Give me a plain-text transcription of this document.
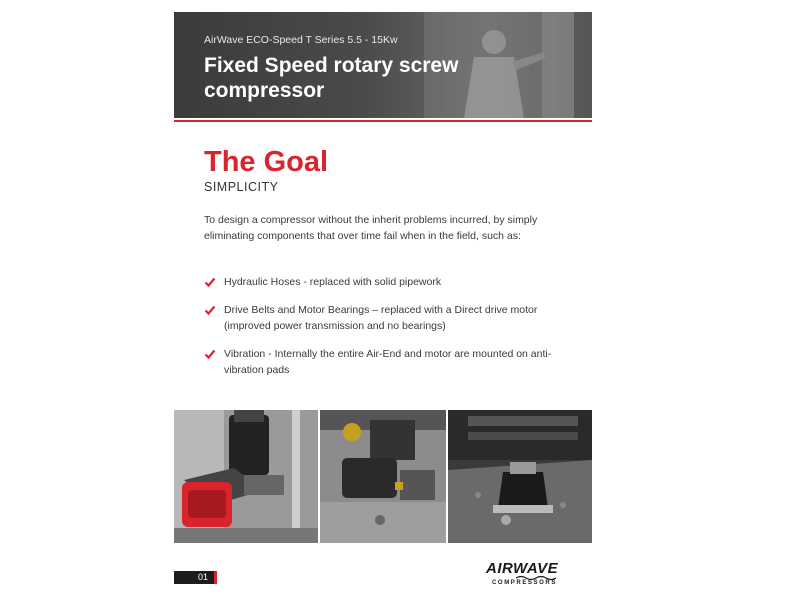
AirWave ECO-Speed T Series 5.5 - 15Kw
Fixed Speed rotary screw compressor
The Goal
SIMPLICITY
To design a compressor without the inherit problems incurred, by simply eliminating components that over time fail when in the field, such as:
Hydraulic Hoses - replaced with solid pipework
Drive Belts and Motor Bearings – replaced with a Direct drive motor (improved power transmission and no bearings)
Vibration - Internally the entire Air-End and motor are mounted on anti-vibration pads
01	AIRWAVE
COMPRESSORS
